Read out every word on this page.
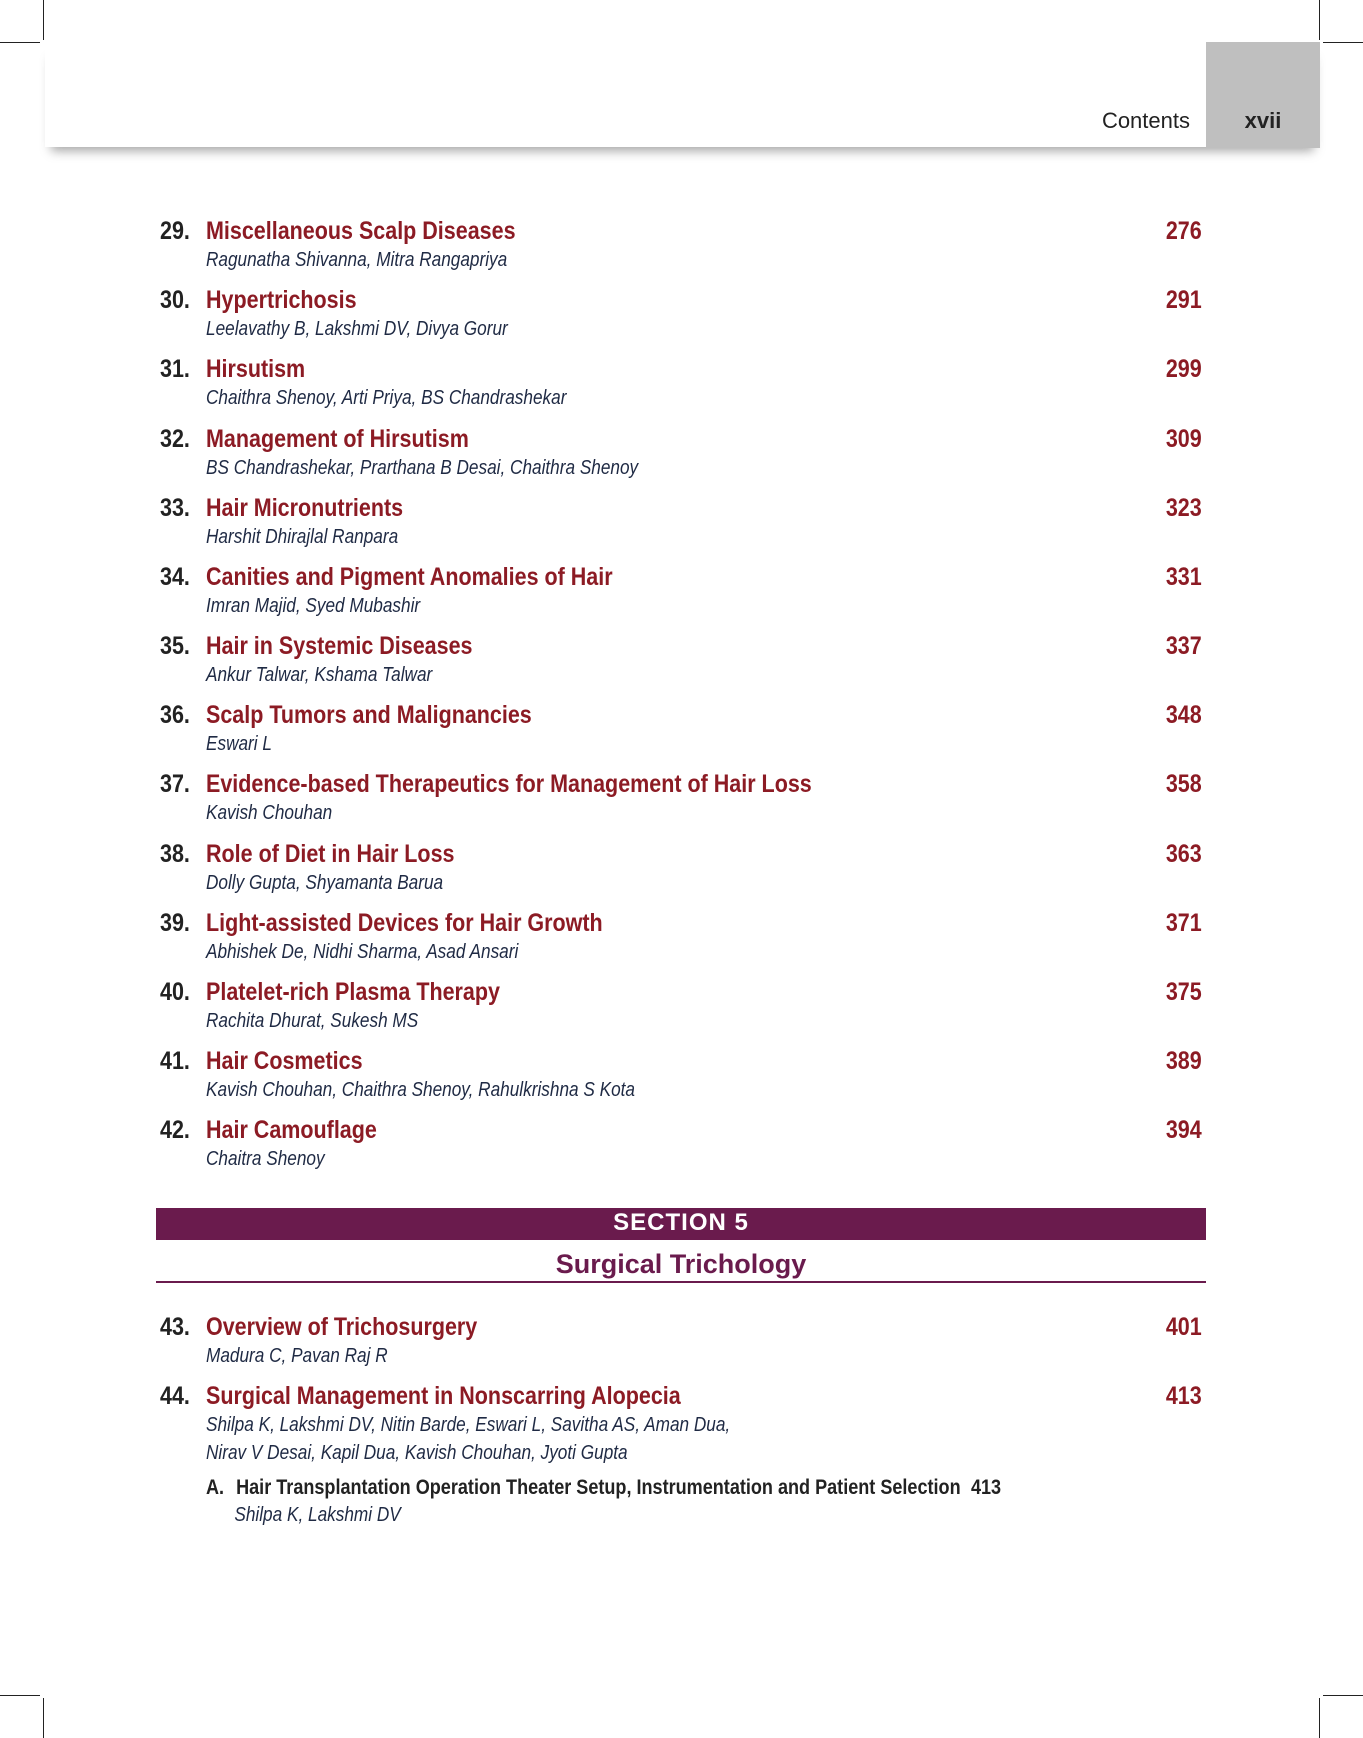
Contents	xvii
29. Miscellaneous Scalp Diseases	276
Ragunatha Shivanna, Mitra Rangapriya
30. Hypertrichosis	291
Leelavathy B, Lakshmi DV, Divya Gorur
31. Hirsutism	299
Chaithra Shenoy, Arti Priya, BS Chandrashekar
32. Management of Hirsutism	309
BS Chandrashekar, Prarthana B Desai, Chaithra Shenoy
33. Hair Micronutrients	323
Harshit Dhirajlal Ranpara
34. Canities and Pigment Anomalies of Hair	331
Imran Majid, Syed Mubashir
35. Hair in Systemic Diseases	337
Ankur Talwar, Kshama Talwar
36. Scalp Tumors and Malignancies	348
Eswari L
37. Evidence-based Therapeutics for Management of Hair Loss	358
Kavish Chouhan
38. Role of Diet in Hair Loss	363
Dolly Gupta, Shyamanta Barua
39. Light-assisted Devices for Hair Growth	371
Abhishek De, Nidhi Sharma, Asad Ansari
40. Platelet-rich Plasma Therapy	375
Rachita Dhurat, Sukesh MS
41. Hair Cosmetics	389
Kavish Chouhan, Chaithra Shenoy, Rahulkrishna S Kota
42. Hair Camouflage	394
Chaitra Shenoy
SECTION 5
Surgical Trichology
43. Overview of Trichosurgery	401
Madura C, Pavan Raj R
44. Surgical Management in Nonscarring Alopecia	413
Shilpa K, Lakshmi DV, Nitin Barde, Eswari L, Savitha AS, Aman Dua,
Nirav V Desai, Kapil Dua, Kavish Chouhan, Jyoti Gupta
A. Hair Transplantation Operation Theater Setup, Instrumentation and Patient Selection 413
Shilpa K, Lakshmi DV
